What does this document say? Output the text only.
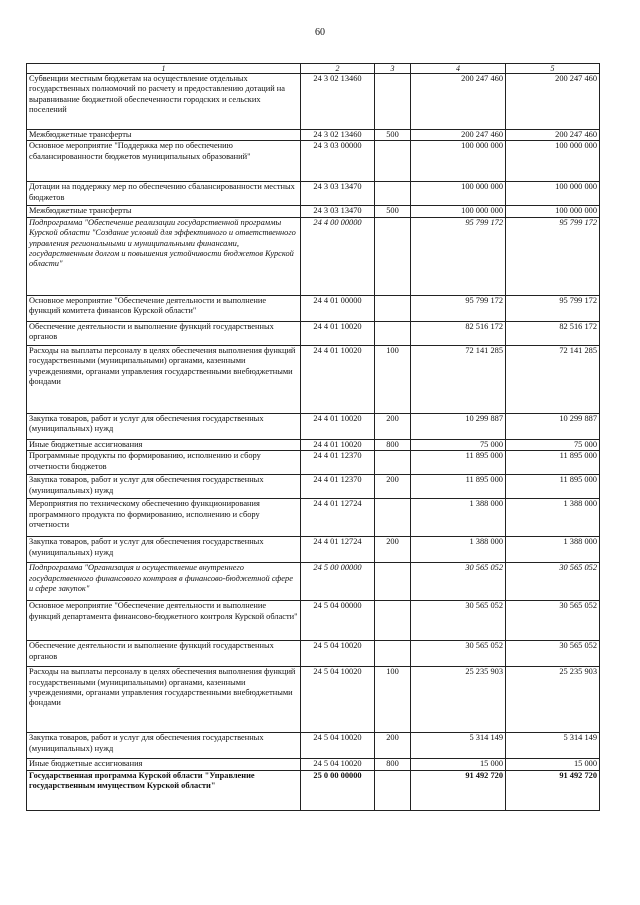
60
1	2	3	4	5
Субвенции местным бюджетам на осуществление отдельных государственных полномочий по расчету и предоставлению дотаций на выравнивание бюджетной обеспеченности городских и сельских поселений	24 3 02 13460		200 247 460	200 247 460
Межбюджетные трансферты	24 3 02 13460	500	200 247 460	200 247 460
Основное мероприятие "Поддержка мер по обеспечению сбалансированности бюджетов муниципальных образований"	24 3 03 00000		100 000 000	100 000 000
Дотации на поддержку мер по обеспечению сбалансированности местных бюджетов	24 3 03 13470		100 000 000	100 000 000
Межбюджетные трансферты	24 3 03 13470	500	100 000 000	100 000 000
Подпрограмма "Обеспечение реализации государственной программы Курской области "Создание условий для эффективного и ответственного управления региональными и муниципальными финансами, государственным долгом и повышения устойчивости бюджетов Курской области"	24 4 00 00000		95 799 172	95 799 172
Основное мероприятие "Обеспечение деятельности и выполнение функций комитета финансов Курской области"	24 4 01 00000		95 799 172	95 799 172
Обеспечение деятельности и выполнение функций государственных органов	24 4 01 10020		82 516 172	82 516 172
Расходы на выплаты персоналу в целях обеспечения выполнения функций государственными (муниципальными) органами, казенными учреждениями, органами управления государственными внебюджетными фондами	24 4 01 10020	100	72 141 285	72 141 285
Закупка товаров, работ и услуг для обеспечения государственных (муниципальных) нужд	24 4 01 10020	200	10 299 887	10 299 887
Иные бюджетные ассигнования	24 4 01 10020	800	75 000	75 000
Программные продукты по формированию, исполнению и сбору отчетности бюджетов	24 4 01 12370		11 895 000	11 895 000
Закупка товаров, работ и услуг для обеспечения государственных (муниципальных) нужд	24 4 01 12370	200	11 895 000	11 895 000
Мероприятия по техническому обеспечению функционирования программного продукта по формированию, исполнению и сбору отчетности	24 4 01 12724		1 388 000	1 388 000
Закупка товаров, работ и услуг для обеспечения государственных (муниципальных) нужд	24 4 01 12724	200	1 388 000	1 388 000
Подпрограмма "Организация и осуществление внутреннего государственного финансового контроля в финансово-бюджетной сфере и сфере закупок"	24 5 00 00000		30 565 052	30 565 052
Основное мероприятие "Обеспечение деятельности и выполнение функций департамента финансово-бюджетного контроля Курской области"	24 5 04 00000		30 565 052	30 565 052
Обеспечение деятельности и выполнение функций государственных органов	24 5 04 10020		30 565 052	30 565 052
Расходы на выплаты персоналу в целях обеспечения выполнения функций государственными (муниципальными) органами, казенными учреждениями, органами управления государственными внебюджетными фондами	24 5 04 10020	100	25 235 903	25 235 903
Закупка товаров, работ и услуг для обеспечения государственных (муниципальных) нужд	24 5 04 10020	200	5 314 149	5 314 149
Иные бюджетные ассигнования	24 5 04 10020	800	15 000	15 000
Государственная программа Курской области "Управление государственным имуществом Курской области"	25 0 00 00000		91 492 720	91 492 720
